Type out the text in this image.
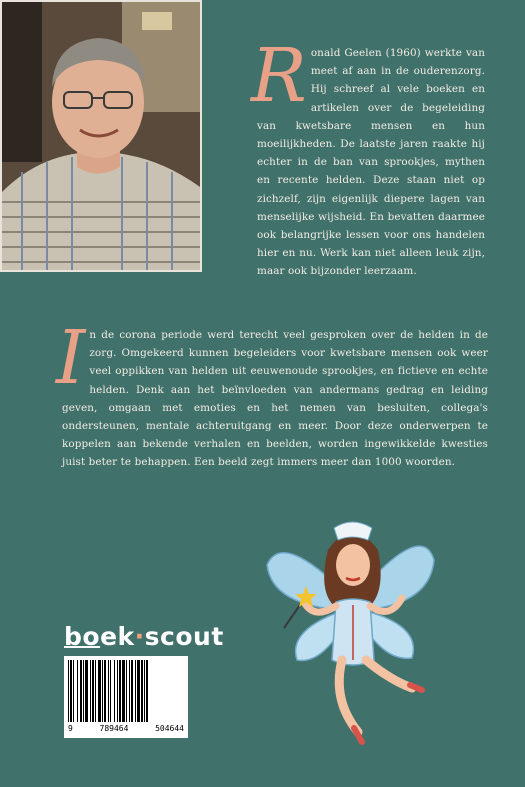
R onald Geelen (1960) werkte van meet af aan in de ouderenzorg. Hij schreef al vele boeken en artikelen over de begeleiding van kwetsbare mensen en hun moeilijkheden. De laatste jaren raakte hij echter in de ban van sprookjes, mythen en recente helden. Deze staan niet op zichzelf, zijn eigenlijk diepere lagen van menselijke wijsheid. En bevatten daarmee ook belangrijke lessen voor ons handelen hier en nu. Werk kan niet alleen leuk zijn, maar ook bijzonder leerzaam.
I n de corona periode werd terecht veel gesproken over de helden in de zorg. Omgekeerd kunnen begeleiders voor kwetsbare mensen ook weer veel oppikken van helden uit eeuwenoude sprookjes, en fictieve en echte helden. Denk aan het beïnvloeden van andermans gedrag en leiding geven, omgaan met emoties en het nemen van besluiten, collega's ondersteunen, mentale achteruitgang en meer. Door deze onderwerpen te koppelen aan bekende verhalen en beelden, worden ingewikkelde kwesties juist beter te behappen. Een beeld zegt immers meer dan 1000 woorden.
boek·scout
9	789464	504644
